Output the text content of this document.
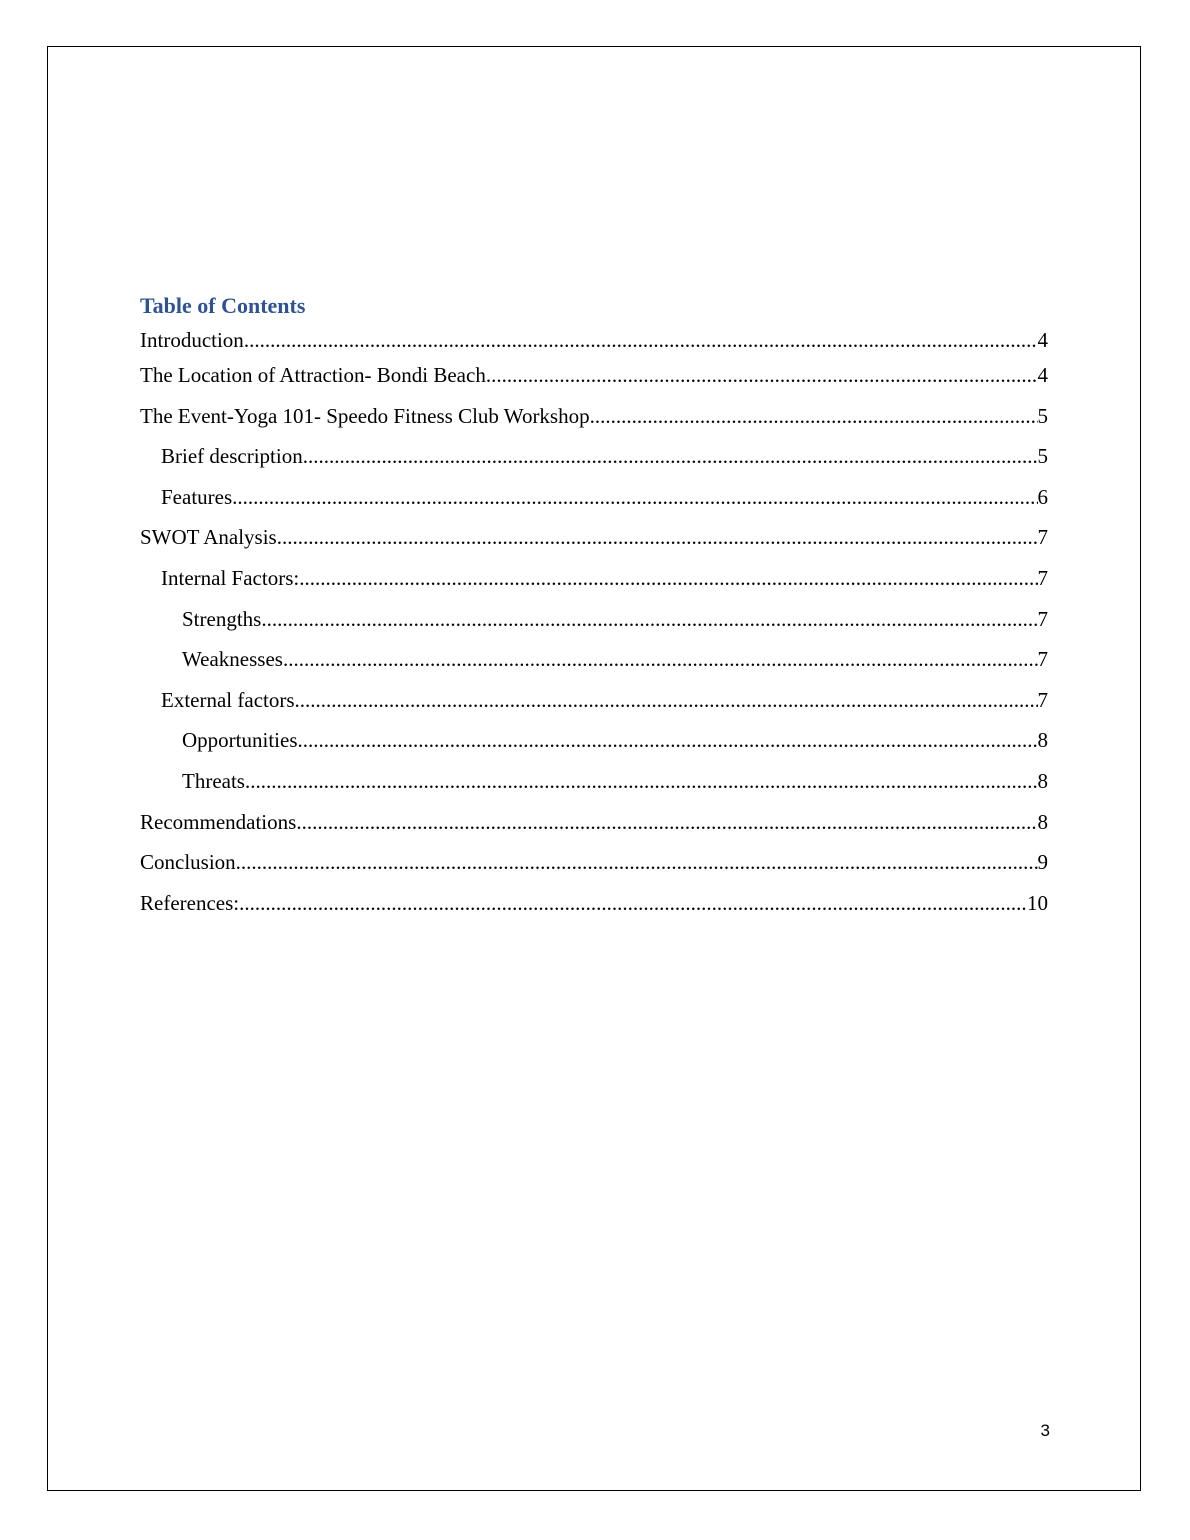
Table of Contents
Introduction .....	4
The Location of Attraction- Bondi Beach .....	4
The Event-Yoga 101- Speedo Fitness Club Workshop .....	5
Brief description .....	5
Features .....	6
SWOT Analysis .....	7
Internal Factors: .....	7
Strengths .....	7
Weaknesses .....	7
External factors .....	7
Opportunities .....	8
Threats .....	8
Recommendations .....	8
Conclusion .....	9
References: .....	10
3
